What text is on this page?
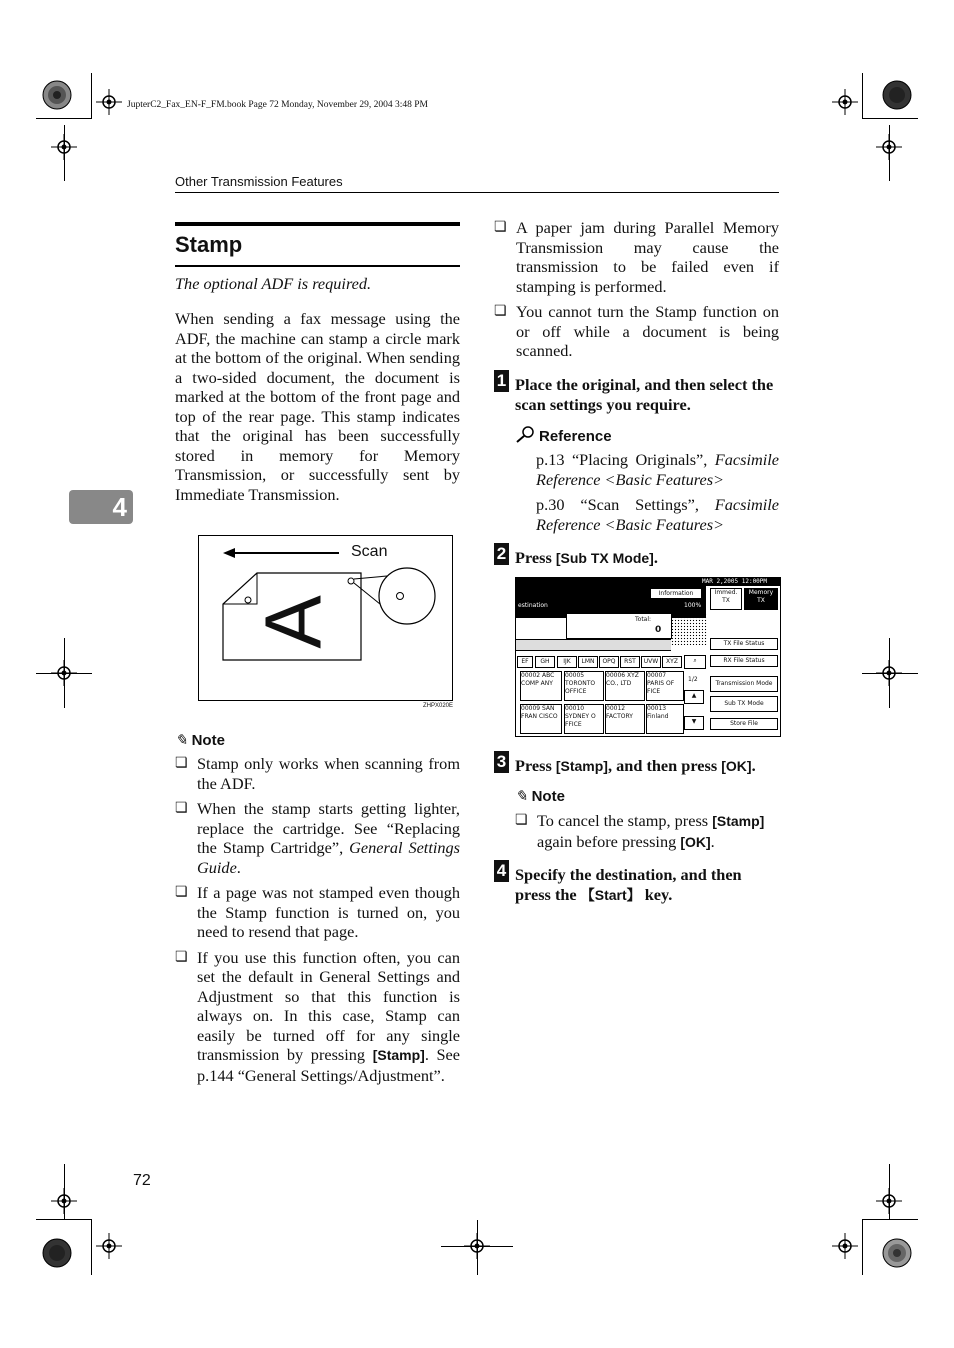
JupterC2_Fax_EN-F_FM.book Page 72 Monday, November 29, 2004 3:48 PM
Other Transmission Features
4
Stamp
The optional ADF is required.
When sending a fax message using the ADF, the machine can stamp a circle mark at the bottom of the original. When sending a two-sided document, the document is marked at the bottom of the front page and top of the rear page. This stamp indicates that the original has been successfully stored in memory for Memory Transmission, or successfully sent by Immediate Transmission.
Scan
A
ZHPX020E
✎ Note
❏ Stamp only works when scanning from the ADF.
❏ When the stamp starts getting lighter, replace the cartridge. See “Replacing the Stamp Cartridge”, General Settings Guide.
❏ If a page was not stamped even though the Stamp function is turned on, you need to resend that page.
❏ If you use this function often, you can set the default in General Settings and Adjustment so that this function is always on. In this case, Stamp can easily be turned off for any single transmission by pressing [Stamp]. See p.144 “General Settings/Adjustment”.
72
❏ A paper jam during Parallel Memory Transmission may cause the transmission to be failed even if stamping is performed.
❏ You cannot turn the Stamp function on or off while a document is being scanned.
1 Place the original, and then select the scan settings you require.
Reference
p.13 “Placing Originals”, Facsimile Reference <Basic Features>
p.30 “Scan Settings”, Facsimile Reference <Basic Features>
2 Press [Sub TX Mode].
MAR 2,2005 12:00PM
Information
estination	100%
Total:
0
Immed. TX
Memory TX
TX File Status
RX File Status
Transmission Mode
Sub TX Mode
Store File
EF	GH	IJK	LMN	OPQ	RST	UVW	XYZ	⌕
00002 ABC COMP ANY
00005 TORONTO OFFICE
00006 XYZ CO., LTD
00007 PARIS OF FICE
1/2
▲
00009 SAN FRAN CISCO
00010 SYDNEY O FFICE
00012 FACTORY
00013 Finland
▼
3 Press [Stamp], and then press [OK].
✎ Note
❏ To cancel the stamp, press [Stamp] again before pressing [OK].
4 Specify the destination, and then press the 【Start】 key.
